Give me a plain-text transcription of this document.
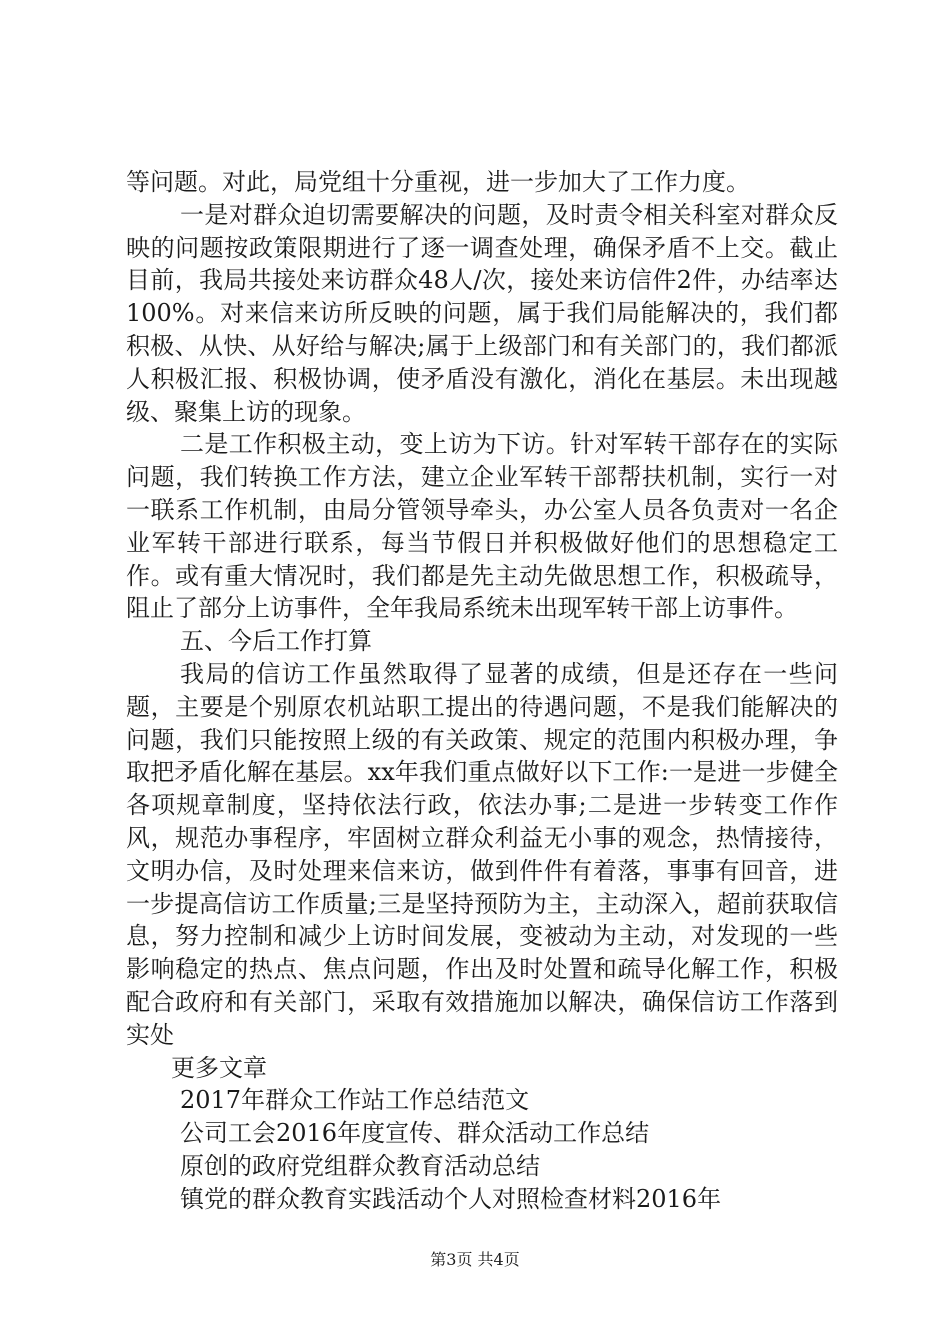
等问题。对此，局党组十分重视，进一步加大了工作力度。

一是对群众迫切需要解决的问题，及时责令相关科室对群众反映的问题按政策限期进行了逐一调查处理，确保矛盾不上交。截止目前，我局共接处来访群众48人/次，接处来访信件2件，办结率达100%。对来信来访所反映的问题，属于我们局能解决的，我们都积极、从快、从好给与解决;属于上级部门和有关部门的，我们都派人积极汇报、积极协调，使矛盾没有激化，消化在基层。未出现越级、聚集上访的现象。

二是工作积极主动，变上访为下访。针对军转干部存在的实际问题，我们转换工作方法，建立企业军转干部帮扶机制，实行一对一联系工作机制，由局分管领导牵头，办公室人员各负责对一名企业军转干部进行联系，每当节假日并积极做好他们的思想稳定工作。或有重大情况时，我们都是先主动先做思想工作，积极疏导，阻止了部分上访事件，全年我局系统未出现军转干部上访事件。

五、今后工作打算

我局的信访工作虽然取得了显著的成绩，但是还存在一些问题，主要是个别原农机站职工提出的待遇问题，不是我们能解决的问题，我们只能按照上级的有关政策、规定的范围内积极办理，争取把矛盾化解在基层。xx年我们重点做好以下工作:一是进一步健全各项规章制度，坚持依法行政，依法办事;二是进一步转变工作作风，规范办事程序，牢固树立群众利益无小事的观念，热情接待，文明办信，及时处理来信来访，做到件件有着落，事事有回音，进一步提高信访工作质量;三是坚持预防为主，主动深入，超前获取信息，努力控制和减少上访时间发展，变被动为主动，对发现的一些影响稳定的热点、焦点问题，作出及时处置和疏导化解工作，积极配合政府和有关部门，采取有效措施加以解决，确保信访工作落到实处

更多文章

2017年群众工作站工作总结范文

公司工会2016年度宣传、群众活动工作总结

原创的政府党组群众教育活动总结

镇党的群众教育实践活动个人对照检查材料2016年

第3页 共4页
